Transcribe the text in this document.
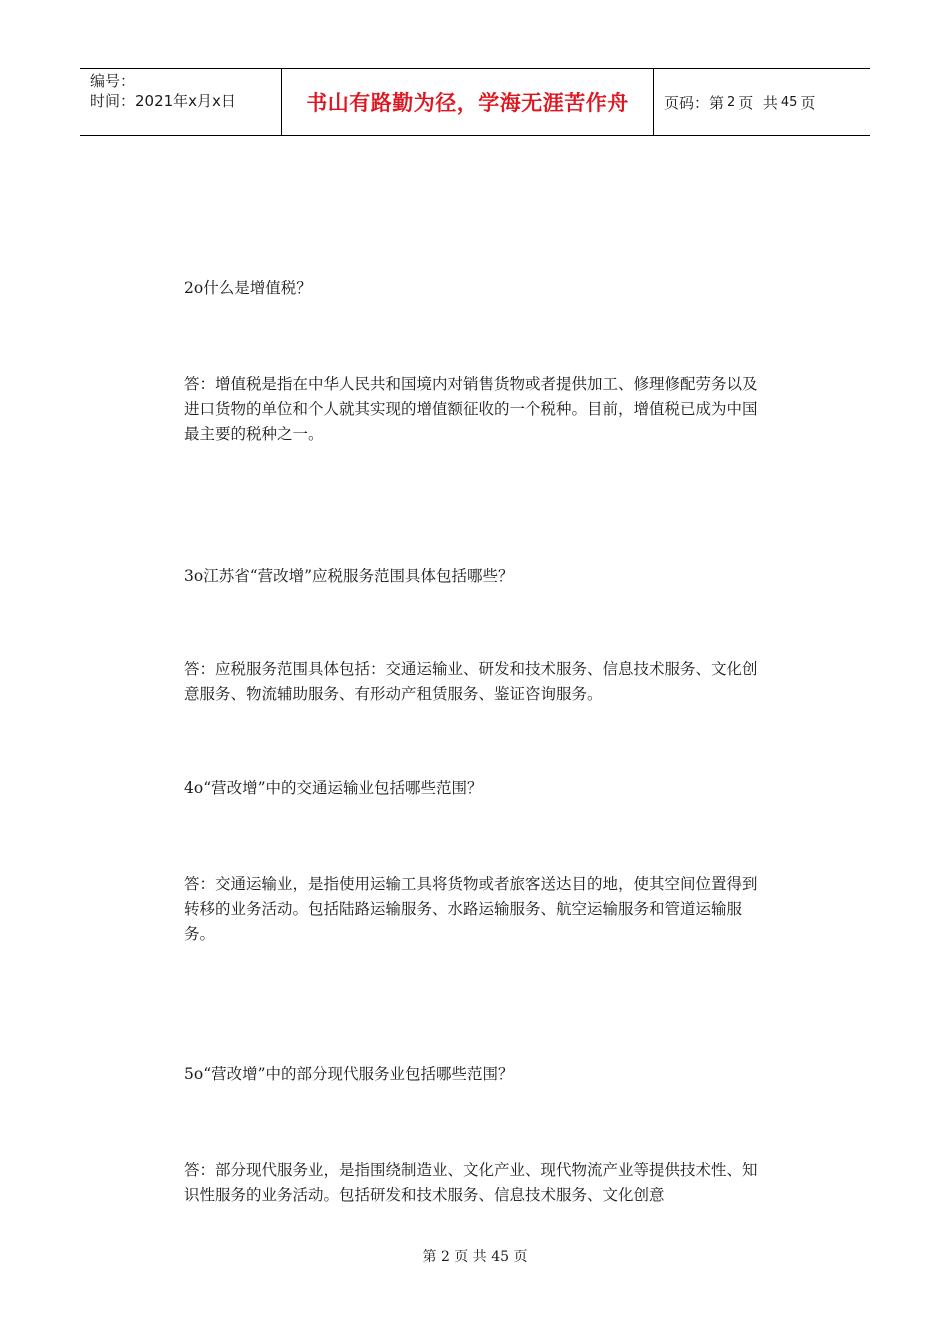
编号：
时间：2021年x月x日	书山有路勤为径，学海无涯苦作舟	页码：第 2 页  共 45 页

2o什么是增值税？

答：增值税是指在中华人民共和国境内对销售货物或者提供加工、修理修配劳务以及进口货物的单位和个人就其实现的增值额征收的一个税种。目前，增值税已成为中国最主要的税种之一。

3o江苏省“营改增”应税服务范围具体包括哪些？

答：应税服务范围具体包括：交通运输业、研发和技术服务、信息技术服务、文化创意服务、物流辅助服务、有形动产租赁服务、鉴证咨询服务。

4o“营改增”中的交通运输业包括哪些范围？

答：交通运输业，是指使用运输工具将货物或者旅客送达目的地，使其空间位置得到转移的业务活动。包括陆路运输服务、水路运输服务、航空运输服务和管道运输服务。

5o“营改增”中的部分现代服务业包括哪些范围？

答：部分现代服务业，是指围绕制造业、文化产业、现代物流产业等提供技术性、知识性服务的业务活动。包括研发和技术服务、信息技术服务、文化创意

第 2 页 共 45 页
